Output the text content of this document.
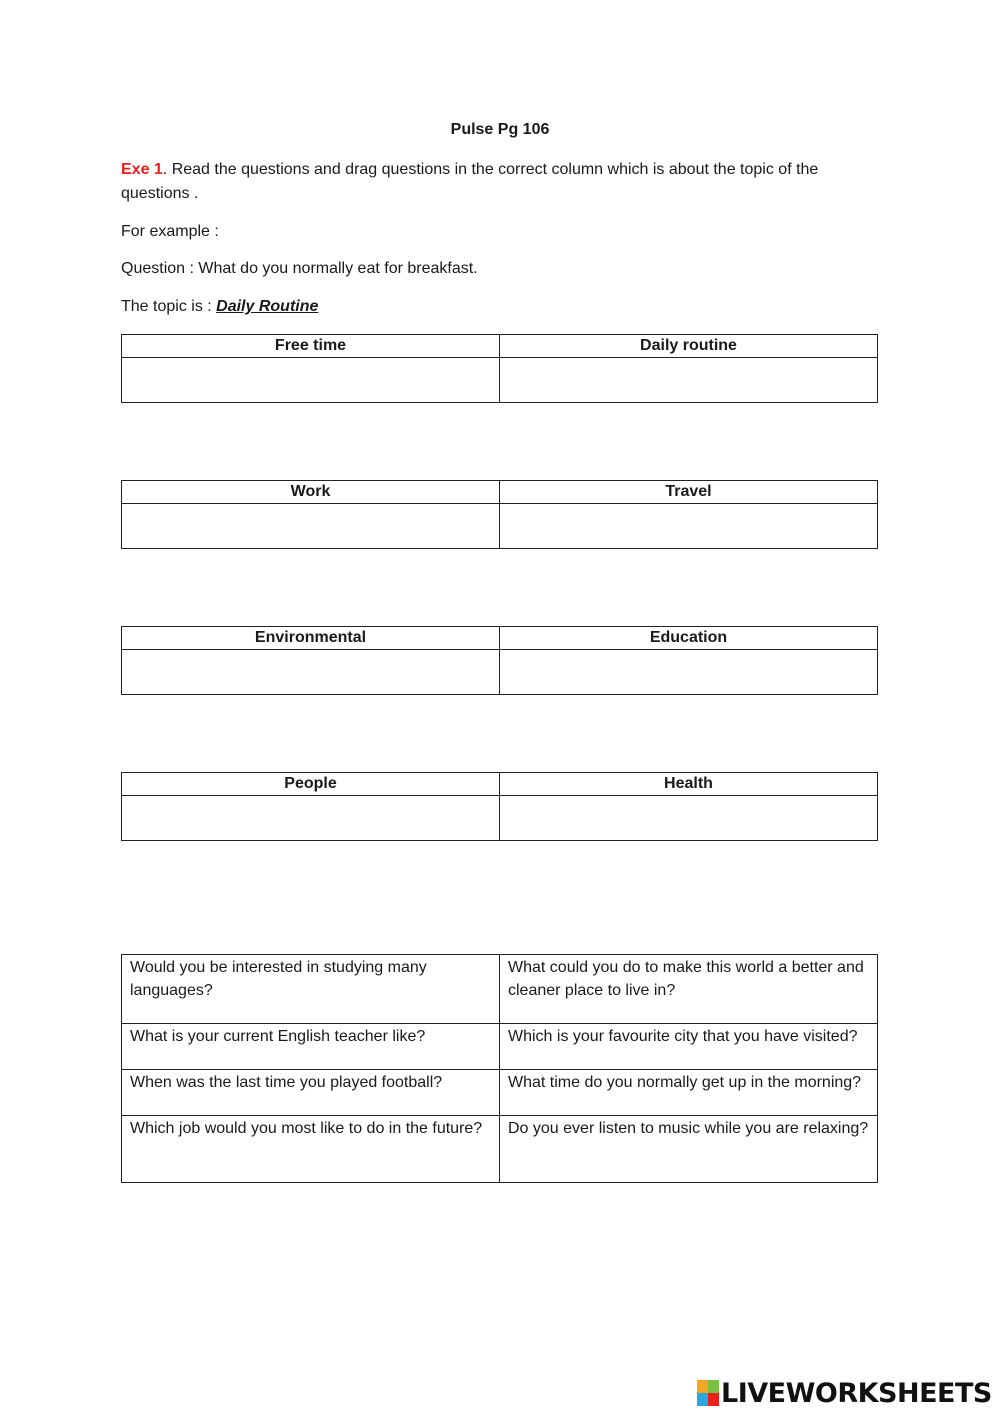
Pulse Pg 106
Exe 1. Read the questions and drag questions in the correct column which is about the topic of the questions .
For example :
Question : What do you normally eat for breakfast.
The topic is : Daily Routine
Free time	Daily routine

Work	Travel

Environmental	Education

People	Health

Would you be interested in studying many languages?	What could you do to make this world a better and cleaner place to live in?
What is your current English teacher like?	Which is your favourite city that you have visited?
When was the last time you played football?	What time do you normally get up in the morning?
Which job would you most like to do in the future?	Do you ever listen to music while you are relaxing?
LIVEWORKSHEETS
